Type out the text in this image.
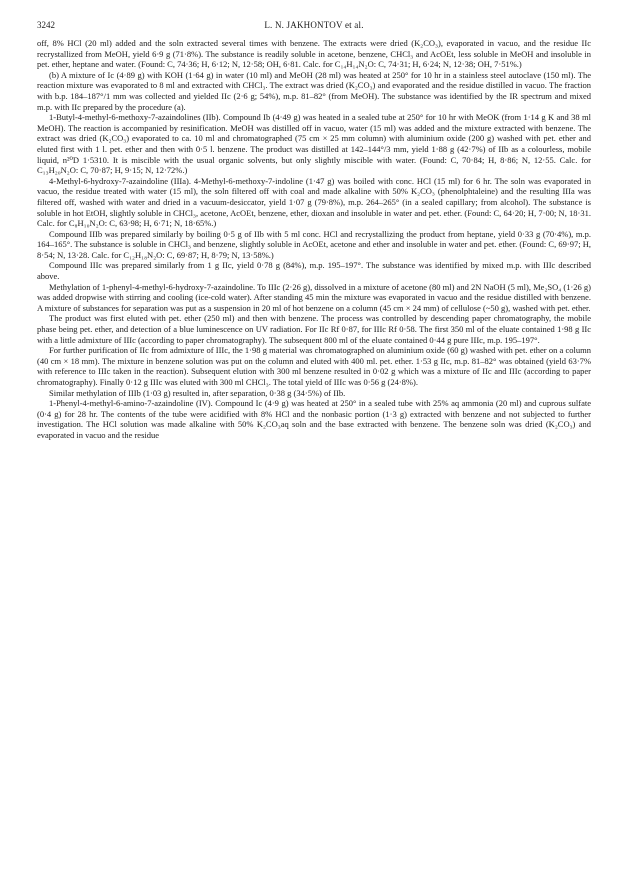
3242	L. N. JAKHONTOV et al.

off, 8% HCl (20 ml) added and the soln extracted several times with benzene. The extracts were dried (K₂CO₃), evaporated in vacuo, and the residue IIc recrystallized from MeOH, yield 6·9 g (71·8%). The substance is readily soluble in acetone, benzene, CHCl₃ and AcOEt, less soluble in MeOH and insoluble in pet. ether, heptane and water. (Found: C, 74·36; H, 6·12; N, 12·58; OH, 6·81. Calc. for C₁₄H₁₄N₂O: C, 74·31; H, 6·24; N, 12·38; OH, 7·51%.)

(b) A mixture of Ic (4·89 g) with KOH (1·64 g) in water (10 ml) and MeOH (28 ml) was heated at 250° for 10 hr in a stainless steel autoclave (150 ml). The reaction mixture was evaporated to 8 ml and extracted with CHCl₃. The extract was dried (K₂CO₃) and evaporated and the residue distilled in vacuo. The fraction with b.p. 184–187°/1 mm was collected and yielded IIc (2·6 g; 54%), m.p. 81–82° (from MeOH). The substance was identified by the IR spectrum and mixed m.p. with IIc prepared by the procedure (a).

1-Butyl-4-methyl-6-methoxy-7-azaindolines (IIb). Compound Ib (4·49 g) was heated in a sealed tube at 250° for 10 hr with MeOK (from 1·14 g K and 38 ml MeOH). The reaction is accompanied by resinification. MeOH was distilled off in vacuo, water (15 ml) was added and the mixture extracted with benzene. The extract was dried (K₂CO₃) evaporated to ca. 10 ml and chromatographed (75 cm × 25 mm column) with aluminium oxide (200 g) washed with pet. ether and eluted first with 1 l. pet. ether and then with 0·5 l. benzene. The product was distilled at 142–144°/3 mm, yield 1·88 g (42·7%) of IIb as a colourless, mobile liquid, n²⁰D 1·5310. It is miscible with the usual organic solvents, but only slightly miscible with water. (Found: C, 70·84; H, 8·86; N, 12·55. Calc. for C₁₃H₂₀N₂O: C, 70·87; H, 9·15; N, 12·72%.)

4-Methyl-6-hydroxy-7-azaindoline (IIIa). 4-Methyl-6-methoxy-7-indoline (1·47 g) was boiled with conc. HCl (15 ml) for 6 hr. The soln was evaporated in vacuo, the residue treated with water (15 ml), the soln filtered off with coal and made alkaline with 50% K₂CO₃ (phenolphtaleine) and the resulting IIIa was filtered off, washed with water and dried in a vacuum-desiccator, yield 1·07 g (79·8%), m.p. 264–265° (in a sealed capillary; from alcohol). The substance is soluble in hot EtOH, slightly soluble in CHCl₃, acetone, AcOEt, benzene, ether, dioxan and insoluble in water and pet. ether. (Found: C, 64·20; H, 7·00; N, 18·31. Calc. for C₈H₁₀N₂O: C, 63·98; H, 6·71; N, 18·65%.)

Compound IIIb was prepared similarly by boiling 0·5 g of IIb with 5 ml conc. HCl and recrystallizing the product from heptane, yield 0·33 g (70·4%), m.p. 164–165°. The substance is soluble in CHCl₃ and benzene, slightly soluble in AcOEt, acetone and ether and insoluble in water and pet. ether. (Found: C, 69·97; H, 8·54; N, 13·28. Calc. for C₁₂H₁₈N₂O: C, 69·87; H, 8·79; N, 13·58%.)

Compound IIIc was prepared similarly from 1 g IIc, yield 0·78 g (84%), m.p. 195–197°. The substance was identified by mixed m.p. with IIIc described above.

Methylation of 1-phenyl-4-methyl-6-hydroxy-7-azaindoline. To IIIc (2·26 g), dissolved in a mixture of acetone (80 ml) and 2N NaOH (5 ml), Me₂SO₄ (1·26 g) was added dropwise with stirring and cooling (ice-cold water). After standing 45 min the mixture was evaporated in vacuo and the residue distilled with benzene. A mixture of substances for separation was put as a suspension in 20 ml of hot benzene on a column (45 cm × 24 mm) of cellulose (~50 g), washed with pet. ether.

The product was first eluted with pet. ether (250 ml) and then with benzene. The process was controlled by descending paper chromatography, the mobile phase being pet. ether, and detection of a blue luminescence on UV radiation. For IIc Rf 0·87, for IIIc Rf 0·58. The first 350 ml of the eluate contained 1·98 g IIc with a little admixture of IIIc (according to paper chromatography). The subsequent 800 ml of the eluate contained 0·44 g pure IIIc, m.p. 195–197°.

For further purification of IIc from admixture of IIIc, the 1·98 g material was chromatographed on aluminium oxide (60 g) washed with pet. ether on a column (40 cm × 18 mm). The mixture in benzene solution was put on the column and eluted with 400 ml. pet. ether. 1·53 g IIc, m.p. 81–82° was obtained (yield 63·7% with reference to IIIc taken in the reaction). Subsequent elution with 300 ml benzene resulted in 0·02 g which was a mixture of IIc and IIIc (according to paper chromatography). Finally 0·12 g IIIc was eluted with 300 ml CHCl₃. The total yield of IIIc was 0·56 g (24·8%).

Similar methylation of IIIb (1·03 g) resulted in, after separation, 0·38 g (34·5%) of IIb.

1-Phenyl-4-methyl-6-amino-7-azaindoline (IV). Compound Ic (4·9 g) was heated at 250° in a sealed tube with 25% aq ammonia (20 ml) and cuprous sulfate (0·4 g) for 28 hr. The contents of the tube were acidified with 8% HCl and the nonbasic portion (1·3 g) extracted with benzene and not subjected to further investigation. The HCl solution was made alkaline with 50% K₂CO₃aq soln and the base extracted with benzene. The benzene soln was dried (K₂CO₃) and evaporated in vacuo and the residue
